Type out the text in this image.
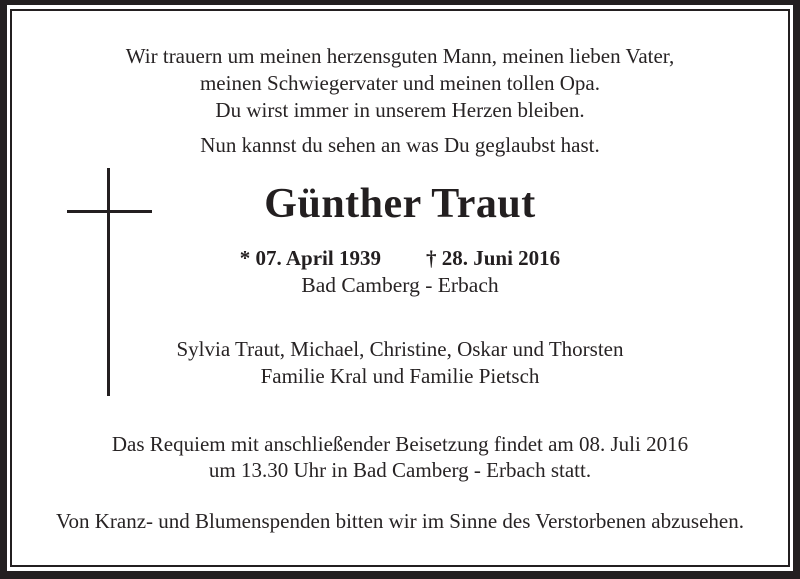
Wir trauern um meinen herzensguten Mann, meinen lieben Vater,
meinen Schwiegervater und meinen tollen Opa.
Du wirst immer in unserem Herzen bleiben.
Nun kannst du sehen an was Du geglaubst hast.
Günther Traut
* 07. April 1939 † 28. Juni 2016
Bad Camberg - Erbach
Sylvia Traut, Michael, Christine, Oskar und Thorsten
Familie Kral und Familie Pietsch
Das Requiem mit anschließender Beisetzung findet am 08. Juli 2016
um 13.30 Uhr in Bad Camberg - Erbach statt.
Von Kranz- und Blumenspenden bitten wir im Sinne des Verstorbenen abzusehen.
